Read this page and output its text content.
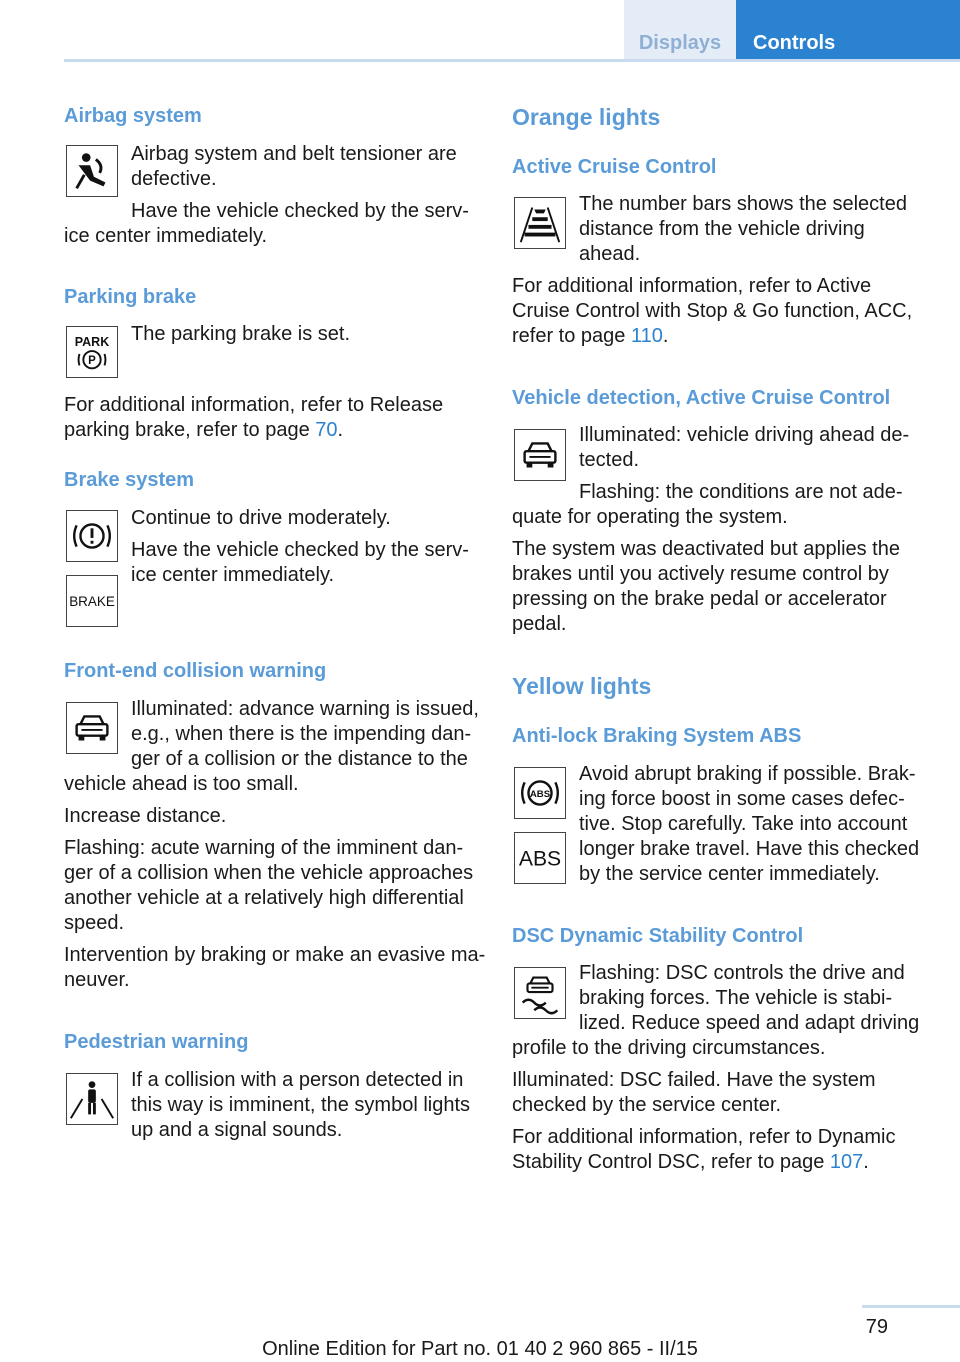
Displays	Controls
Airbag system
Airbag system and belt tensioner are
defective.
Have the vehicle checked by the serv-
ice center immediately.
Parking brake
PARK
P
The parking brake is set.
For additional information, refer to Release
parking brake, refer to page 70.
Brake system
BRAKE
Continue to drive moderately.
Have the vehicle checked by the serv-
ice center immediately.
Front-end collision warning
Illuminated: advance warning is issued,
e.g., when there is the impending dan-
ger of a collision or the distance to the
vehicle ahead is too small.
Increase distance.
Flashing: acute warning of the imminent dan-
ger of a collision when the vehicle approaches
another vehicle at a relatively high differential
speed.
Intervention by braking or make an evasive ma-
neuver.
Pedestrian warning
If a collision with a person detected in
this way is imminent, the symbol lights
up and a signal sounds.
Orange lights
Active Cruise Control
The number bars shows the selected
distance from the vehicle driving
ahead.
For additional information, refer to Active
Cruise Control with Stop & Go function, ACC,
refer to page 110.
Vehicle detection, Active Cruise Control
Illuminated: vehicle driving ahead de-
tected.
Flashing: the conditions are not ade-
quate for operating the system.
The system was deactivated but applies the
brakes until you actively resume control by
pressing on the brake pedal or accelerator
pedal.
Yellow lights
Anti-lock Braking System ABS
ABS
ABS
Avoid abrupt braking if possible. Brak-
ing force boost in some cases defec-
tive. Stop carefully. Take into account
longer brake travel. Have this checked
by the service center immediately.
DSC Dynamic Stability Control
Flashing: DSC controls the drive and
braking forces. The vehicle is stabi-
lized. Reduce speed and adapt driving
profile to the driving circumstances.
Illuminated: DSC failed. Have the system
checked by the service center.
For additional information, refer to Dynamic
Stability Control DSC, refer to page 107.
79
Online Edition for Part no. 01 40 2 960 865 - II/15
